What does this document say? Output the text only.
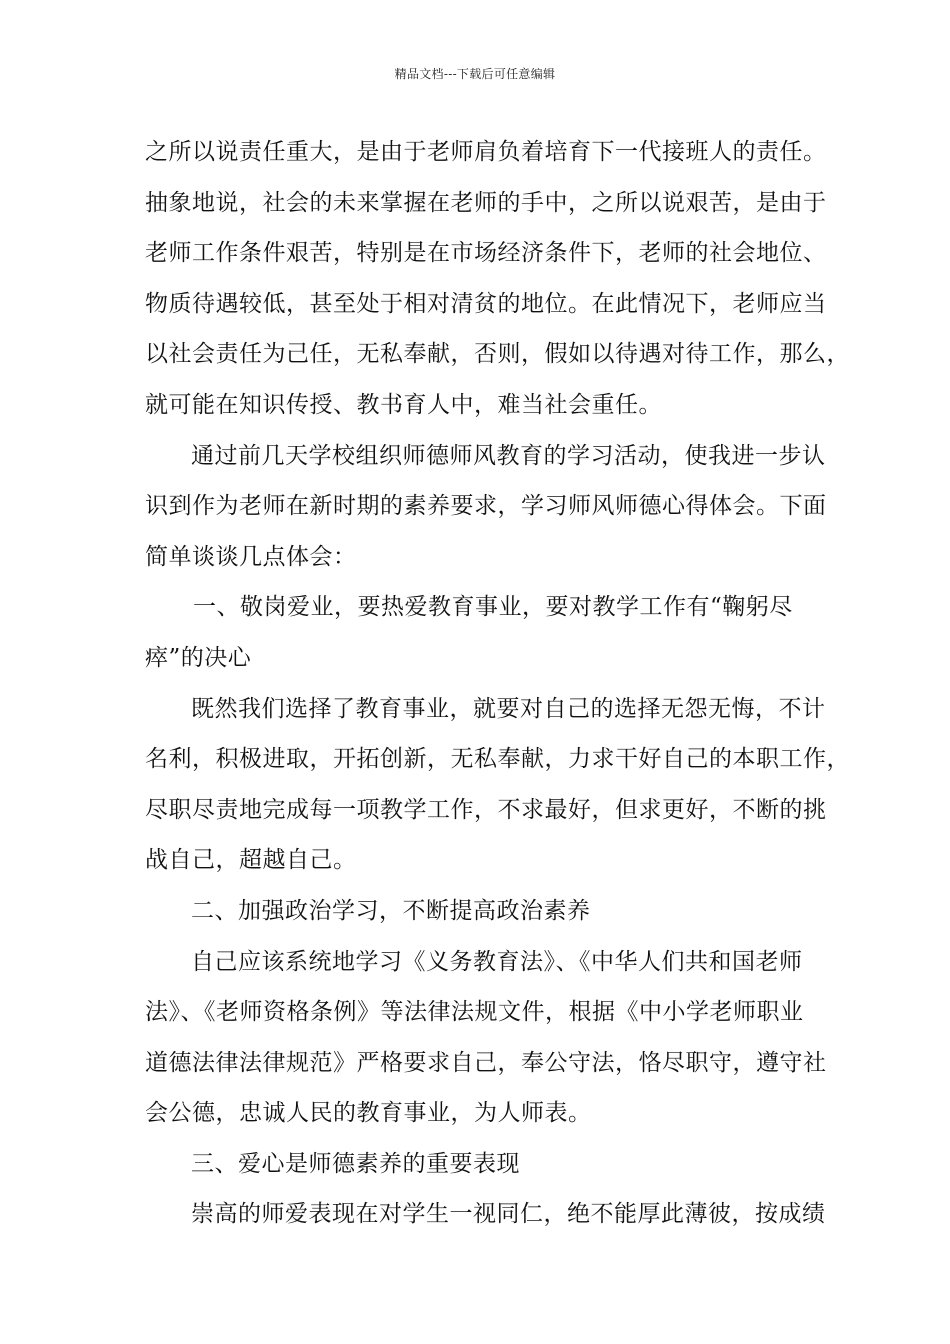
精品文档---下载后可任意编辑
之所以说责任重大，是由于老师肩负着培育下一代接班人的责任。
抽象地说，社会的未来掌握在老师的手中，之所以说艰苦，是由于
老师工作条件艰苦，特别是在市场经济条件下，老师的社会地位、
物质待遇较低，甚至处于相对清贫的地位。在此情况下，老师应当
以社会责任为己任，无私奉献，否则，假如以待遇对待工作，那么，
就可能在知识传授、教书育人中，难当社会重任。
通过前几天学校组织师德师风教育的学习活动，使我进一步认
识到作为老师在新时期的素养要求，学习师风师德心得体会。下面
简单谈谈几点体会：
一、敬岗爱业，要热爱教育事业，要对教学工作有“鞠躬尽
瘁”的决心
既然我们选择了教育事业，就要对自己的选择无怨无悔，不计
名利，积极进取，开拓创新，无私奉献，力求干好自己的本职工作，
尽职尽责地完成每一项教学工作，不求最好，但求更好，不断的挑
战自己，超越自己。
二、加强政治学习，不断提高政治素养
自己应该系统地学习《义务教育法》、《中华人们共和国老师
法》、《老师资格条例》等法律法规文件，根据《中小学老师职业
道德法律法律规范》严格要求自己，奉公守法，恪尽职守，遵守社
会公德，忠诚人民的教育事业，为人师表。
三、爱心是师德素养的重要表现
崇高的师爱表现在对学生一视同仁，绝不能厚此薄彼，按成绩
